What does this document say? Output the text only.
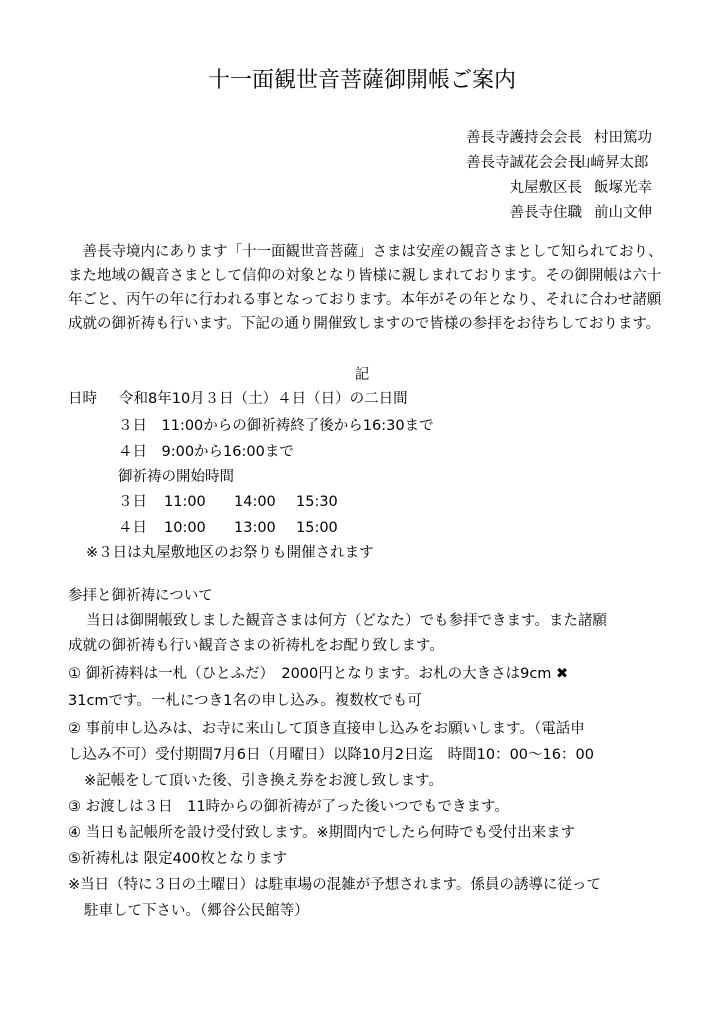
十一面観世音菩薩御開帳ご案内
善長寺護持会会長 村田篤功
善長寺誠花会会長
山﨑昇太郎
丸屋敷区長 飯塚光幸
善長寺住職 前山文伸

善長寺境内にあります「十一面観世音菩薩」さまは安産の観音さまとして知られており、また地域の観音さまとして信仰の対象となり皆様に親しまれております。その御開帳は六十年ごと、丙午の年に行われる事となっております。本年がその年となり、それに合わせ諸願成就の御祈祷も行います。下記の通り開催致しますので皆様の参拝をお待ちしております。

記
日時 令和8年10月３日（土）４日（日）の二日間
３日　11:00からの御祈祷終了後から16:30まで
４日　9:00から16:00まで
御祈祷の開始時間
３日	11:00	14:00	15:30
４日	10:00	13:00	15:00
※３日は丸屋敷地区のお祭りも開催されます
参拝と御祈祷について
当日は御開帳致しました観音さまは何方（どなた）でも参拝できます。また諸願
成就の御祈祷も行い観音さまの祈祷札をお配り致します。
① 御祈祷料は一札（ひとふだ）　2000円となります。お札の大きさは9cm ✖︎
31cmです。一札につき1名の申し込み。複数枚でも可
② 事前申し込みは、お寺に来山して頂き直接申し込みをお願いします。（電話申
し込み不可）受付期間7月6日（月曜日）以降10月2日迄　時間10：00〜16：00
※記帳をして頂いた後、引き換え券をお渡し致します。
③ お渡しは３日　11時からの御祈祷が了った後いつでもできます。
④ 当日も記帳所を設け受付致します。※期間内でしたら何時でも受付出来ます
⑤祈祷札は 限定400枚となります
※当日（特に３日の土曜日）は駐車場の混雑が予想されます。係員の誘導に従って
駐車して下さい。（郷谷公民館等）
